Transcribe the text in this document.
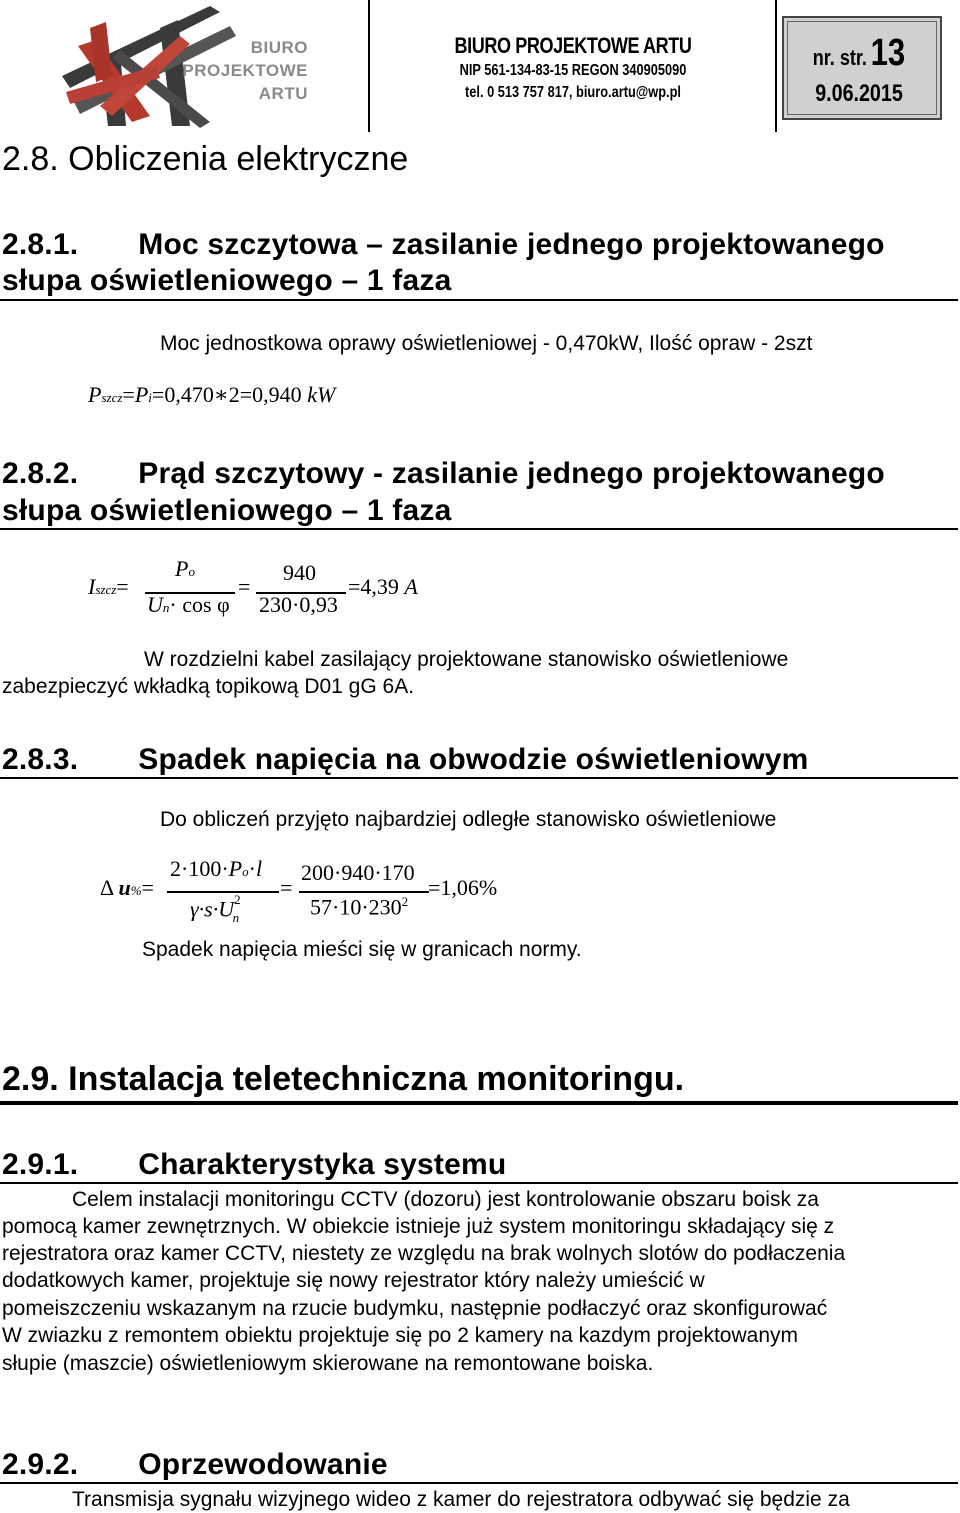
BIURO
PROJEKTOWE
ARTU
BIURO PROJEKTOWE ARTU
NIP 561-134-83-15 REGON 340905090
tel. 0 513 757 817, biuro.artu@wp.pl
nr. str. 13
9.06.2015
2.8. Obliczenia elektryczne
2.8.1. Moc szczytowa – zasilanie jednego projektowanego
słupa oświetleniowego – 1 faza
Moc jednostkowa oprawy oświetleniowej - 0,470kW, Ilość opraw - 2szt
Pszcz=Pi=0,470∗2=0,940 kW
2.8.2. Prąd szczytowy - zasilanie jednego projektowanego
słupa oświetleniowego – 1 faza
Iszcz=
Po
Un· cos φ
=
940
230·0,93
=4,39 A
W rozdzielni kabel zasilający projektowane stanowisko oświetleniowe
zabezpieczyć wkładką topikową D01 gG 6A.
2.8.3. Spadek napięcia na obwodzie oświetleniowym
Do obliczeń przyjęto najbardziej odległe stanowisko oświetleniowe
Δ u%=
2·100·Po·l
$\gamma\cdot s\cdot U^2_n$
=
200·940·170
$57\cdot 10\cdot 230^2$
=1,06%
Spadek napięcia mieści się w granicach normy.
2.9. Instalacja teletechniczna monitoringu.
2.9.1. Charakterystyka systemu
Celem instalacji monitoringu CCTV (dozoru) jest kontrolowanie obszaru boisk za
pomocą kamer zewnętrznych. W obiekcie istnieje już system monitoringu składający się z
rejestratora oraz kamer CCTV, niestety ze względu na brak wolnych slotów do podłaczenia
dodatkowych kamer, projektuje się nowy rejestrator który należy umieścić w
pomeiszczeniu wskazanym na rzucie budymku, następnie podłaczyć oraz skonfigurować
W zwiazku z remontem obiektu projektuje się po 2 kamery na kazdym projektowanym
słupie (maszcie) oświetleniowym skierowane na remontowane boiska.
2.9.2. Oprzewodowanie
Transmisja sygnału wizyjnego wideo z kamer do rejestratora odbywać się będzie za
